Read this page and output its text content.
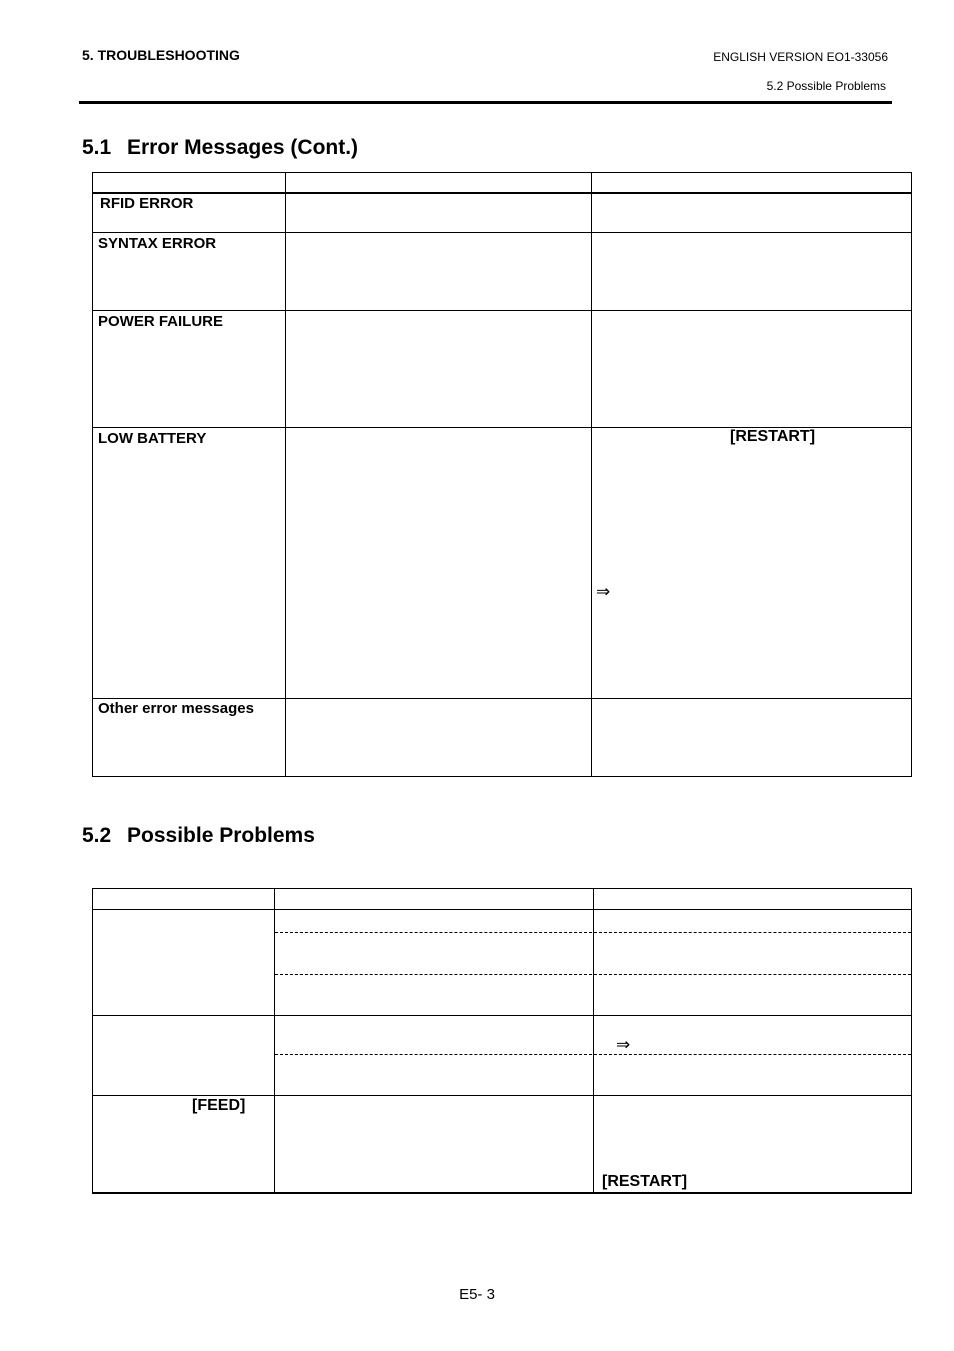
5. TROUBLESHOOTING	ENGLISH VERSION EO1-33056
5.2 Possible Problems
5.1 Error Messages (Cont.)
RFID ERROR
SYNTAX ERROR
POWER FAILURE
LOW BATTERY	[RESTART]
⇒
Other error messages
5.2 Possible Problems
⇒
[FEED]
[RESTART]
E5- 3
